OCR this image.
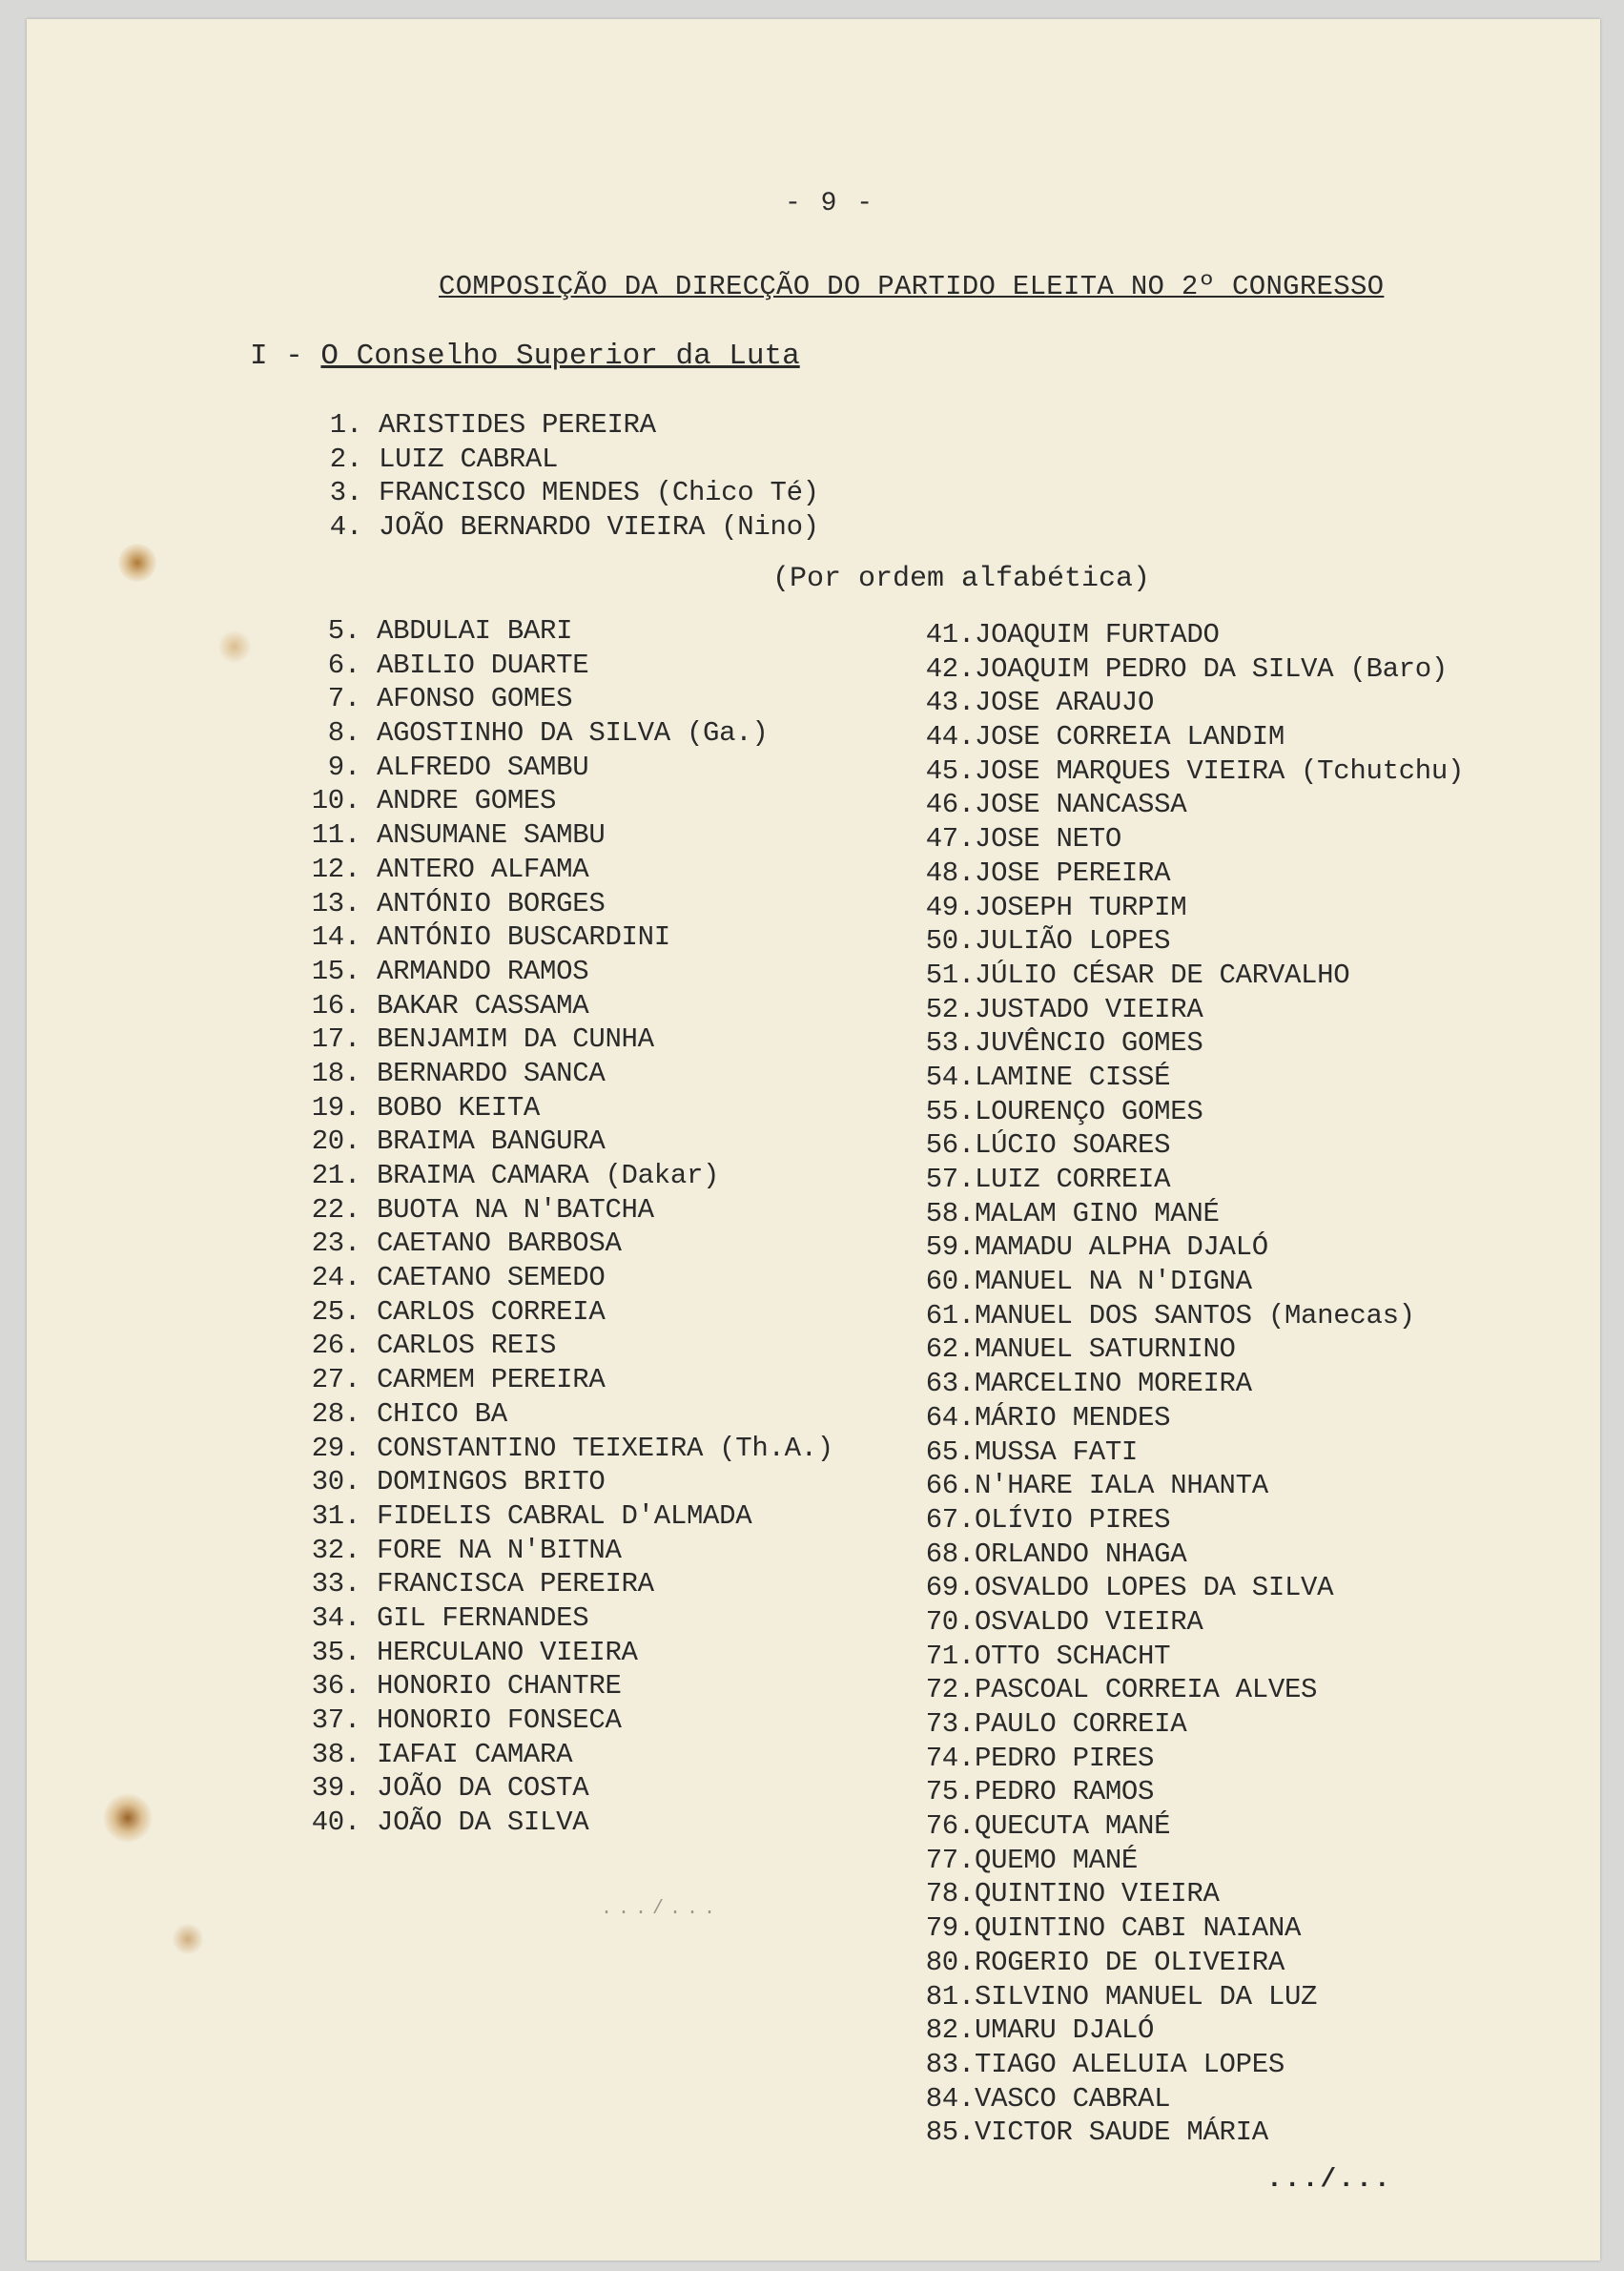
- 9 -
COMPOSIÇÃO DA DIRECÇÃO DO PARTIDO ELEITA NO 2º CONGRESSO
I - O Conselho Superior da Luta
1. ARISTIDES PEREIRA
2. LUIZ CABRAL
3. FRANCISCO MENDES (Chico Té)
4. JOÃO BERNARDO VIEIRA (Nino)
(Por ordem alfabética)
5. ABDULAI BARI
6. ABILIO DUARTE
7. AFONSO GOMES
8. AGOSTINHO DA SILVA (Ga.)
9. ALFREDO SAMBU
10. ANDRE GOMES
11. ANSUMANE SAMBU
12. ANTERO ALFAMA
13. ANTÓNIO BORGES
14. ANTÓNIO BUSCARDINI
15. ARMANDO RAMOS
16. BAKAR CASSAMA
17. BENJAMIM DA CUNHA
18. BERNARDO SANCA
19. BOBO KEITA
20. BRAIMA BANGURA
21. BRAIMA CAMARA (Dakar)
22. BUOTA NA N'BATCHA
23. CAETANO BARBOSA
24. CAETANO SEMEDO
25. CARLOS CORREIA
26. CARLOS REIS
27. CARMEM PEREIRA
28. CHICO BA
29. CONSTANTINO TEIXEIRA (Th.A.)
30. DOMINGOS BRITO
31. FIDELIS CABRAL D'ALMADA
32. FORE NA N'BITNA
33. FRANCISCA PEREIRA
34. GIL FERNANDES
35. HERCULANO VIEIRA
36. HONORIO CHANTRE
37. HONORIO FONSECA
38. IAFAI CAMARA
39. JOÃO DA COSTA
40. JOÃO DA SILVA
41. JOAQUIM FURTADO
42. JOAQUIM PEDRO DA SILVA (Baro)
43. JOSE ARAUJO
44. JOSE CORREIA LANDIM
45. JOSE MARQUES VIEIRA (Tchutchu)
46. JOSE NANCASSA
47. JOSE NETO
48. JOSE PEREIRA
49. JOSEPH TURPIM
50. JULIÃO LOPES
51. JÚLIO CÉSAR DE CARVALHO
52. JUSTADO VIEIRA
53. JUVÊNCIO GOMES
54. LAMINE CISSÉ
55. LOURENÇO GOMES
56. LÚCIO SOARES
57. LUIZ CORREIA
58. MALAM GINO MANÉ
59. MAMADU ALPHA DJALÓ
60. MANUEL NA N'DIGNA
61. MANUEL DOS SANTOS (Manecas)
62. MANUEL SATURNINO
63. MARCELINO MOREIRA
64. MÁRIO MENDES
65. MUSSA FATI
66. N'HARE IALA NHANTA
67. OLÍVIO PIRES
68. ORLANDO NHAGA
69. OSVALDO LOPES DA SILVA
70. OSVALDO VIEIRA
71. OTTO SCHACHT
72. PASCOAL CORREIA ALVES
73. PAULO CORREIA
74. PEDRO PIRES
75. PEDRO RAMOS
76. QUECUTA MANÉ
77. QUEMO MANÉ
78. QUINTINO VIEIRA
79. QUINTINO CABI NAIANA
80. ROGERIO DE OLIVEIRA
81. SILVINO MANUEL DA LUZ
82. UMARU DJALÓ
83. TIAGO ALELUIA LOPES
84. VASCO CABRAL
85. VICTOR SAUDE MÁRIA
.../...
.../...
